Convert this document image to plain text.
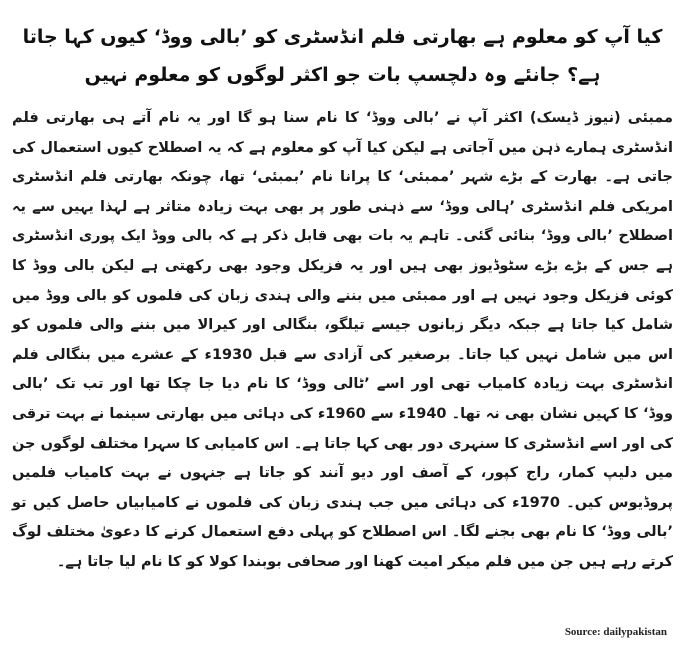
کیا آپ کو معلوم ہے بھارتی فلم انڈسٹری کو ’بالی ووڈ‘ کیوں کہا جاتا ہے؟ جانئے وہ دلچسپ بات جو اکثر لوگوں کو معلوم نہیں

ممبئی (نیوز ڈیسک) اکثر آپ نے ’بالی ووڈ‘ کا نام سنا ہو گا اور یہ نام آتے ہی بھارتی فلم انڈسٹری ہمارے ذہن میں آجاتی ہے لیکن کیا آپ کو معلوم ہے کہ یہ اصطلاح کیوں استعمال کی جاتی ہے۔ بھارت کے بڑے شہر ’ممبئی‘ کا پرانا نام ’بمبئی‘ تھا، چونکہ بھارتی فلم انڈسٹری امریکی فلم انڈسٹری ’ہالی ووڈ‘ سے ذہنی طور پر بھی بہت زیادہ متاثر ہے لہذا یہیں سے یہ اصطلاح ’بالی ووڈ‘ بنائی گئی۔ تاہم یہ بات بھی قابل ذکر ہے کہ بالی ووڈ ایک پوری انڈسٹری ہے جس کے بڑے بڑے سٹوڈیوز بھی ہیں اور یہ فزیکل وجود بھی رکھتی ہے لیکن بالی ووڈ کا کوئی فزیکل وجود نہیں ہے اور ممبئی میں بننے والی ہندی زبان کی فلموں کو بالی ووڈ میں شامل کیا جاتا ہے جبکہ دیگر زبانوں جیسے تیلگو، بنگالی اور کیرالا میں بننے والی فلموں کو اس میں شامل نہیں کیا جاتا۔ برصغیر کی آزادی سے قبل 1930ء کے عشرے میں بنگالی فلم انڈسٹری بہت زیادہ کامیاب تھی اور اسے ’ٹالی ووڈ‘ کا نام دیا جا چکا تھا اور تب تک ’بالی ووڈ‘ کا کہیں نشان بھی نہ تھا۔ 1940ء سے 1960ء کی دہائی میں بھارتی سینما نے بہت ترقی کی اور اسے انڈسٹری کا سنہری دور بھی کہا جاتا ہے۔ اس کامیابی کا سہرا مختلف لوگوں جن میں دلیپ کمار، راج کپور، کے آصف اور دیو آنند کو جاتا ہے جنہوں نے بہت کامیاب فلمیں پروڈیوس کیں۔ 1970ء کی دہائی میں جب ہندی زبان کی فلموں نے کامیابیاں حاصل کیں تو ’بالی ووڈ‘ کا نام بھی بجنے لگا۔ اس اصطلاح کو پہلی دفع استعمال کرنے کا دعویٰ مختلف لوگ کرتے رہے ہیں جن میں فلم میکر امیت کھنا اور صحافی بوبندا کولا کو کا نام لیا جاتا ہے۔

Source: dailypakistan
